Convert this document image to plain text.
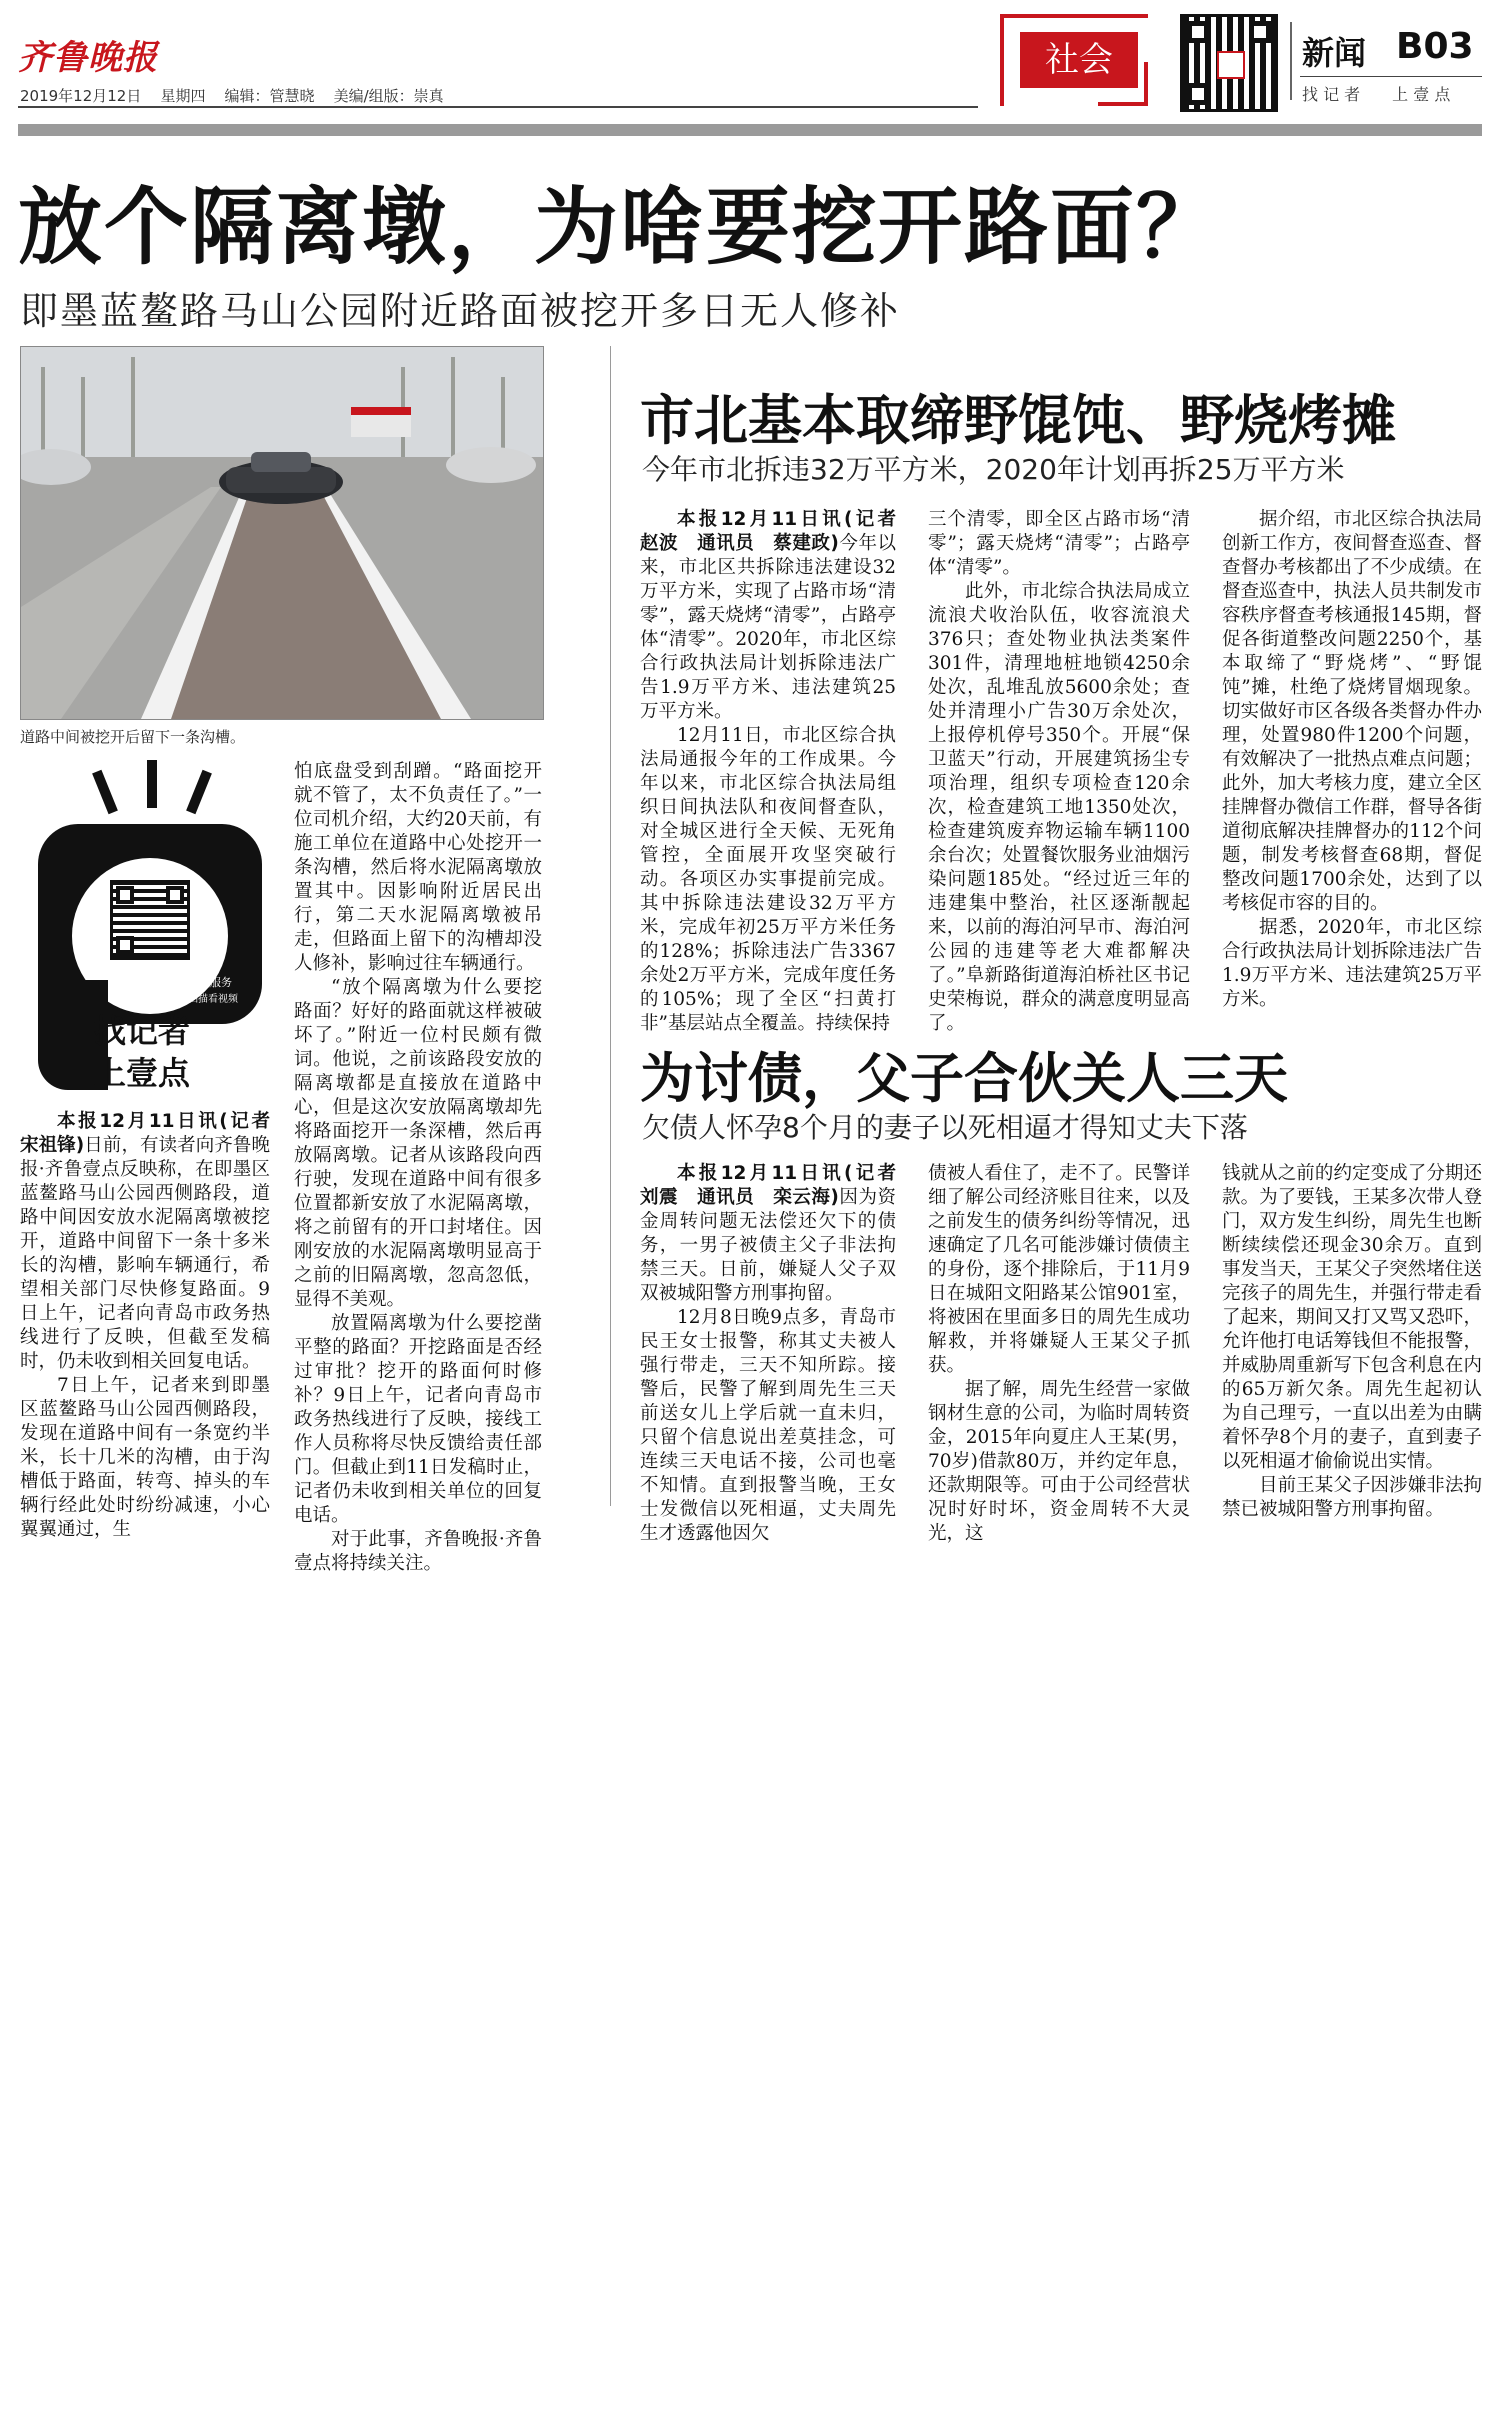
齐鲁晚报
2019年12月12日 星期四 编辑：管慧晓 美编/组版：崇真
社会	新闻 B03
找 记 者　　上 壹 点
放个隔离墩，为啥要挖开路面？
即墨蓝鳌路马山公园附近路面被挖开多日无人修补
道路中间被挖开后留下一条沟槽。
壹点服务
二维码扫描看视频
找记者
上壹点

本报12月11日讯(记者　宋祖锋)日前，有读者向齐鲁晚报·齐鲁壹点反映称，在即墨区蓝鳌路马山公园西侧路段，道路中间因安放水泥隔离墩被挖开，道路中间留下一条十多米长的沟槽，影响车辆通行，希望相关部门尽快修复路面。9日上午，记者向青岛市政务热线进行了反映，但截至发稿时，仍未收到相关回复电话。

7日上午，记者来到即墨区蓝鳌路马山公园西侧路段，发现在道路中间有一条宽约半米，长十几米的沟槽，由于沟槽低于路面，转弯、掉头的车辆行经此处时纷纷减速，小心翼翼通过，生

怕底盘受到刮蹭。“路面挖开就不管了，太不负责任了。”一位司机介绍，大约20天前，有施工单位在道路中心处挖开一条沟槽，然后将水泥隔离墩放置其中。因影响附近居民出行，第二天水泥隔离墩被吊走，但路面上留下的沟槽却没人修补，影响过往车辆通行。

“放个隔离墩为什么要挖路面？好好的路面就这样被破坏了。”附近一位村民颇有微词。他说，之前该路段安放的隔离墩都是直接放在道路中心，但是这次安放隔离墩却先将路面挖开一条深槽，然后再放隔离墩。记者从该路段向西行驶，发现在道路中间有很多位置都新安放了水泥隔离墩，将之前留有的开口封堵住。因刚安放的水泥隔离墩明显高于之前的旧隔离墩，忽高忽低，显得不美观。

放置隔离墩为什么要挖凿平整的路面？开挖路面是否经过审批？挖开的路面何时修补？9日上午，记者向青岛市政务热线进行了反映，接线工作人员称将尽快反馈给责任部门。但截止到11日发稿时止，记者仍未收到相关单位的回复电话。

对于此事，齐鲁晚报·齐鲁壹点将持续关注。

市北基本取缔野馄饨、野烧烤摊
今年市北拆违32万平方米，2020年计划再拆25万平方米

本报12月11日讯(记者　赵波　通讯员　蔡建政)今年以来，市北区共拆除违法建设32万平方米，实现了占路市场“清零”，露天烧烤“清零”，占路亭体“清零”。2020年，市北区综合行政执法局计划拆除违法广告1.9万平方米、违法建筑25万平方米。

12月11日，市北区综合执法局通报今年的工作成果。今年以来，市北区综合执法局组织日间执法队和夜间督查队，对全城区进行全天候、无死角管控，全面展开攻坚突破行动。各项区办实事提前完成。其中拆除违法建设32万平方米，完成年初25万平方米任务的128%；拆除违法广告3367余处2万平方米，完成年度任务的105%；现了全区“扫黄打非”基层站点全覆盖。持续保持

三个清零，即全区占路市场“清零”；露天烧烤“清零”；占路亭体“清零”。

此外，市北综合执法局成立流浪犬收治队伍，收容流浪犬376只；查处物业执法类案件301件，清理地桩地锁4250余处次，乱堆乱放5600余处；查处并清理小广告30万余处次，上报停机停号350个。开展“保卫蓝天”行动，开展建筑扬尘专项治理，组织专项检查120余次，检查建筑工地1350处次，检查建筑废弃物运输车辆1100余台次；处置餐饮服务业油烟污染问题185处。“经过近三年的违建集中整治，社区逐渐靓起来，以前的海泊河早市、海泊河公园的违建等老大难都解决了。”阜新路街道海泊桥社区书记史荣梅说，群众的满意度明显高了。

据介绍，市北区综合执法局创新工作方，夜间督查巡查、督查督办考核都出了不少成绩。在督查巡查中，执法人员共制发市容秩序督查考核通报145期，督促各街道整改问题2250个，基本取缔了“野烧烤”、“野馄饨”摊，杜绝了烧烤冒烟现象。切实做好市区各级各类督办件办理，处置980件1200个问题，有效解决了一批热点难点问题；此外，加大考核力度，建立全区挂牌督办微信工作群，督导各街道彻底解决挂牌督办的112个问题，制发考核督查68期，督促整改问题1700余处，达到了以考核促市容的目的。

据悉，2020年，市北区综合行政执法局计划拆除违法广告1.9万平方米、违法建筑25万平方米。

为讨债，父子合伙关人三天
欠债人怀孕8个月的妻子以死相逼才得知丈夫下落

本报12月11日讯(记者　刘震　通讯员　栾云海)因为资金周转问题无法偿还欠下的债务，一男子被债主父子非法拘禁三天。日前，嫌疑人父子双双被城阳警方刑事拘留。

12月8日晚9点多，青岛市民王女士报警，称其丈夫被人强行带走，三天不知所踪。接警后，民警了解到周先生三天前送女儿上学后就一直未归，只留个信息说出差莫挂念，可连续三天电话不接，公司也毫不知情。直到报警当晚，王女士发微信以死相逼，丈夫周先生才透露他因欠

债被人看住了，走不了。民警详细了解公司经济账目往来，以及之前发生的债务纠纷等情况，迅速确定了几名可能涉嫌讨债债主的身份，逐个排除后，于11月9日在城阳文阳路某公馆901室，将被困在里面多日的周先生成功解救，并将嫌疑人王某父子抓获。

据了解，周先生经营一家做钢材生意的公司，为临时周转资金，2015年向夏庄人王某(男，70岁)借款80万，并约定年息，还款期限等。可由于公司经营状况时好时坏，资金周转不大灵光，这

钱就从之前的约定变成了分期还款。为了要钱，王某多次带人登门，双方发生纠纷，周先生也断断续续偿还现金30余万。直到事发当天，王某父子突然堵住送完孩子的周先生，并强行带走看了起来，期间又打又骂又恐吓，允许他打电话筹钱但不能报警，并威胁周重新写下包含利息在内的65万新欠条。周先生起初认为自己理亏，一直以出差为由瞒着怀孕8个月的妻子，直到妻子以死相逼才偷偷说出实情。

目前王某父子因涉嫌非法拘禁已被城阳警方刑事拘留。
